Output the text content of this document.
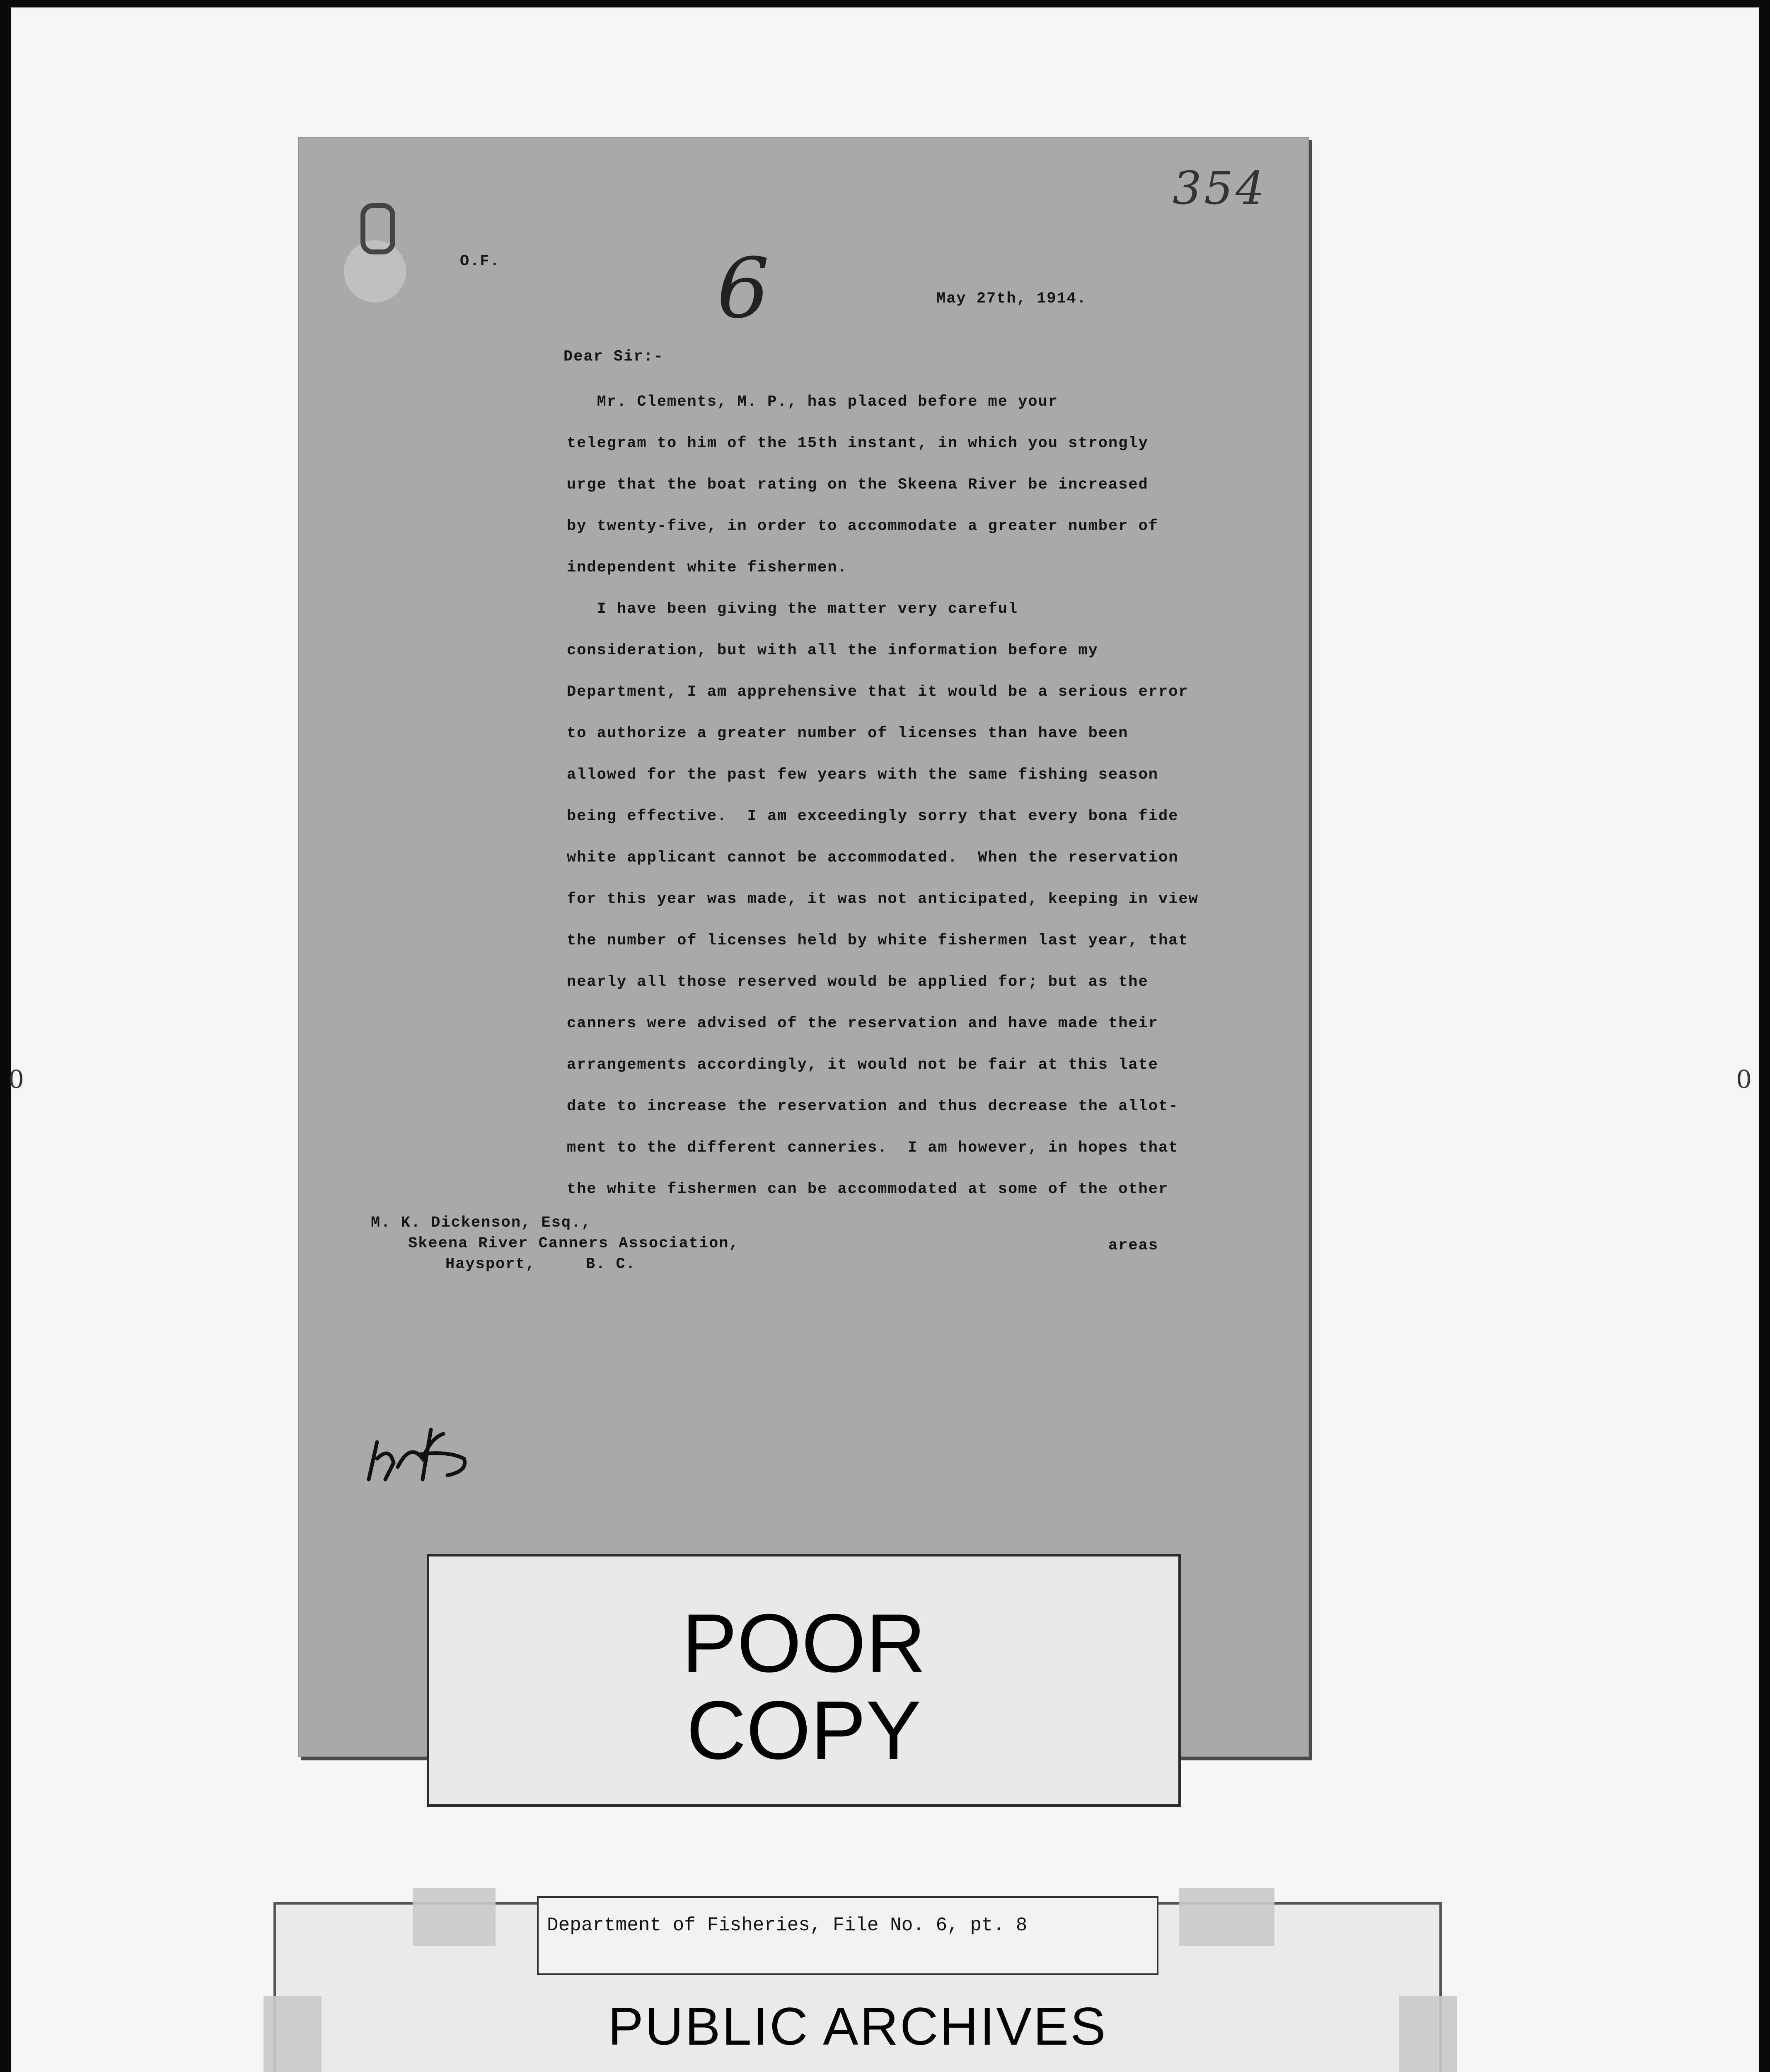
0	0
O.F.	6	May 27th, 1914.
Dear Sir:-
Mr. Clements, M. P., has placed before me your
telegram to him of the 15th instant, in which you strongly
urge that the boat rating on the Skeena River be increased
by twenty-five, in order to accommodate a greater number of
independent white fishermen.
I have been giving the matter very careful
consideration, but with all the information before my
Department, I am apprehensive that it would be a serious error
to authorize a greater number of licenses than have been
allowed for the past few years with the same fishing season
being effective.  I am exceedingly sorry that every bona fide
white applicant cannot be accommodated.  When the reservation
for this year was made, it was not anticipated, keeping in view
the number of licenses held by white fishermen last year, that
nearly all those reserved would be applied for; but as the
canners were advised of the reservation and have made their
arrangements accordingly, it would not be fair at this late
date to increase the reservation and thus decrease the allot-
ment to the different canneries.  I am however, in hopes that
the white fishermen can be accommodated at some of the other
M. K. Dickenson, Esq.,
Skeena River Canners Association,	areas
Haysport,     B. C.
354
POOR
COPY
Department of Fisheries, File No. 6, pt. 8
PUBLIC ARCHIVES
